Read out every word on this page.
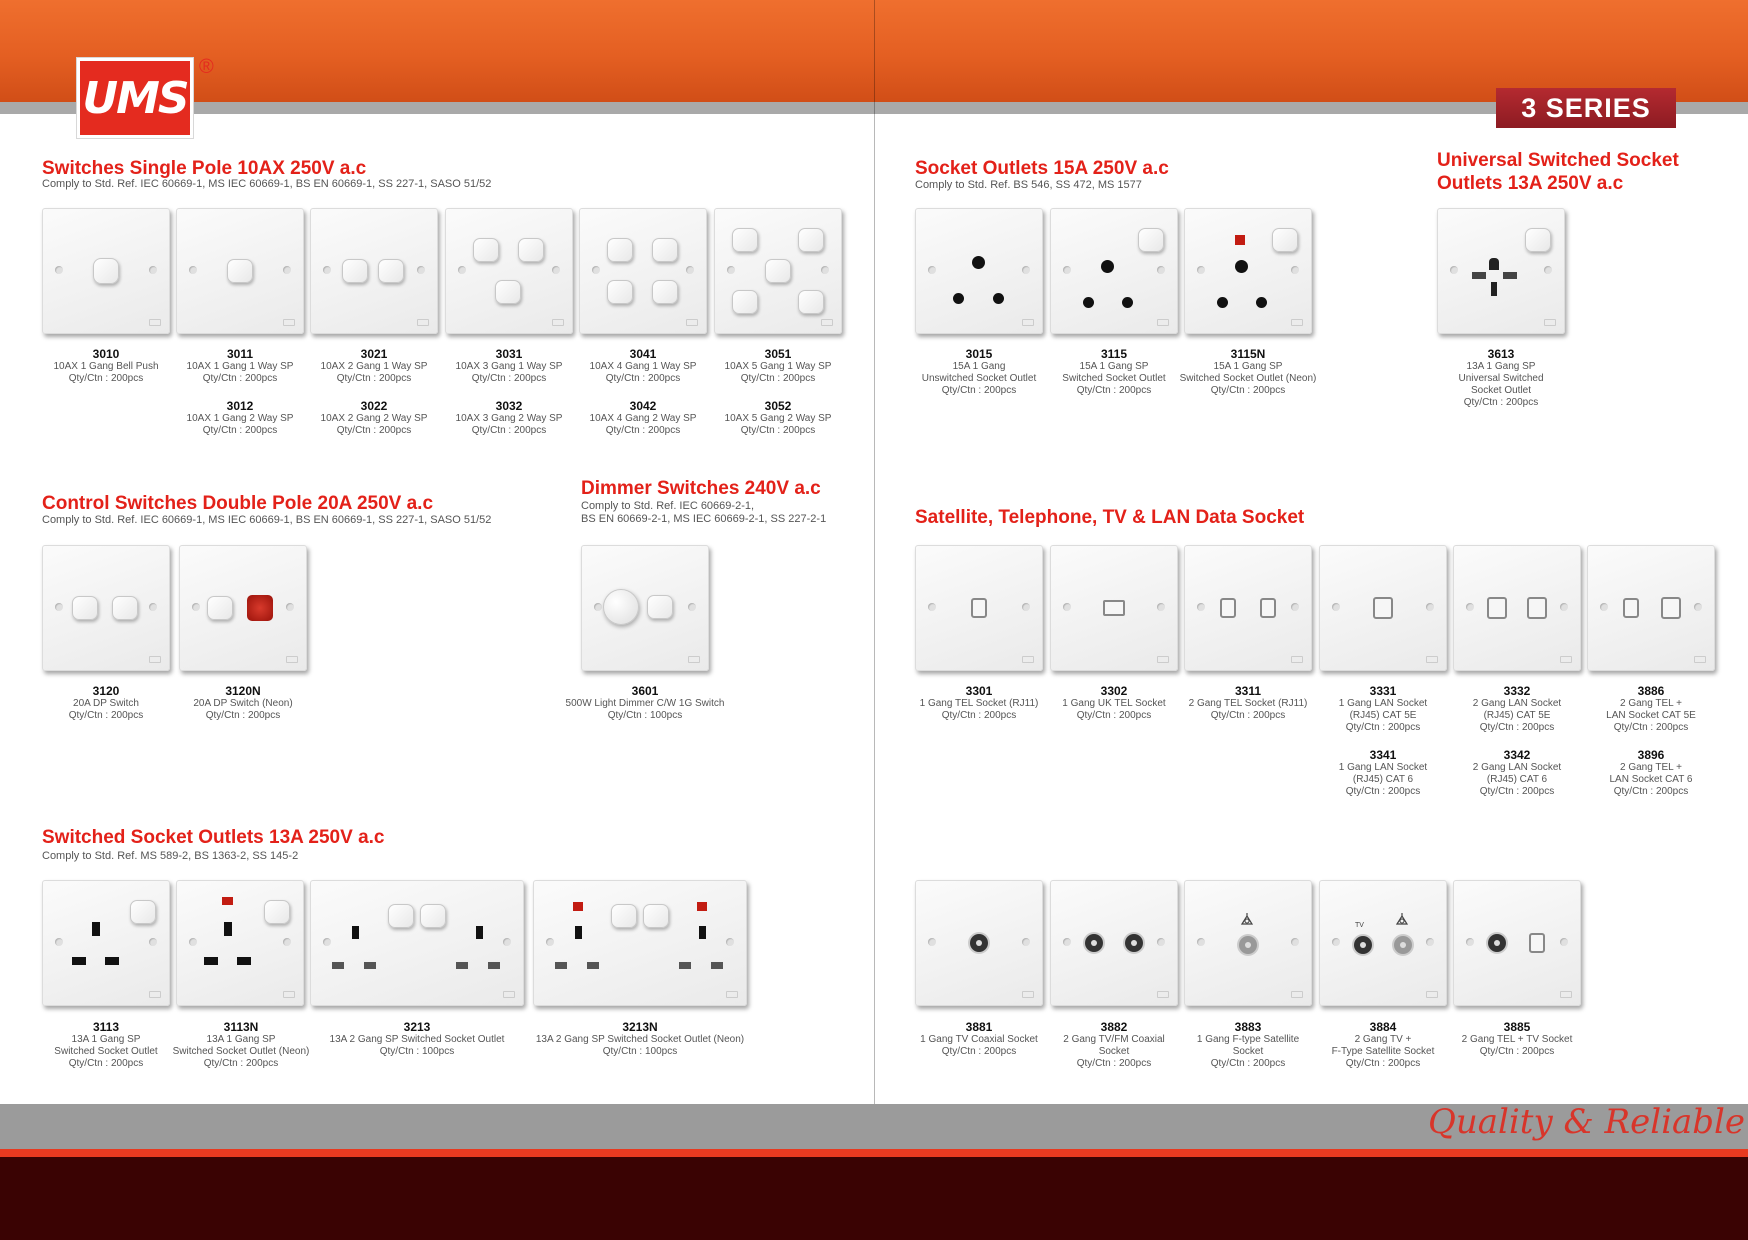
UMS
®
3 SERIES
Switches Single Pole 10AX 250V a.c
Comply to Std. Ref. IEC 60669-1, MS IEC 60669-1, BS EN 60669-1, SS 227-1, SASO 51/52
Control Switches Double Pole 20A 250V a.c
Comply to Std. Ref. IEC 60669-1, MS IEC 60669-1, BS EN 60669-1, SS 227-1, SASO 51/52
Dimmer Switches 240V a.c
Comply to Std. Ref. IEC 60669-2-1,
BS EN 60669-2-1, MS IEC 60669-2-1, SS 227-2-1
Switched Socket Outlets 13A 250V a.c
Comply to Std. Ref. MS 589-2, BS 1363-2, SS 145-2
Socket Outlets 15A 250V a.c
Comply to Std. Ref. BS 546, SS 472, MS 1577
Universal Switched Socket
Outlets 13A 250V a.c
Satellite, Telephone, TV & LAN Data Socket
3010
10AX 1 Gang Bell Push
Qty/Ctn : 200pcs
3011
10AX 1 Gang 1 Way SP
Qty/Ctn : 200pcs
3021
10AX 2 Gang 1 Way SP
Qty/Ctn : 200pcs
3031
10AX 3 Gang 1 Way SP
Qty/Ctn : 200pcs
3041
10AX 4 Gang 1 Way SP
Qty/Ctn : 200pcs
3051
10AX 5 Gang 1 Way SP
Qty/Ctn : 200pcs
3012
10AX 1 Gang 2 Way SP
Qty/Ctn : 200pcs
3022
10AX 2 Gang 2 Way SP
Qty/Ctn : 200pcs
3032
10AX 3 Gang 2 Way SP
Qty/Ctn : 200pcs
3042
10AX 4 Gang 2 Way SP
Qty/Ctn : 200pcs
3052
10AX 5 Gang 2 Way SP
Qty/Ctn : 200pcs
3120
20A DP Switch
Qty/Ctn : 200pcs
3120N
20A DP Switch (Neon)
Qty/Ctn : 200pcs
3601
500W Light Dimmer C/W 1G Switch
Qty/Ctn : 100pcs
3113
13A 1 Gang SP
Switched Socket Outlet
Qty/Ctn : 200pcs
3113N
13A 1 Gang SP
Switched Socket Outlet (Neon)
Qty/Ctn : 200pcs
3213
13A 2 Gang SP Switched Socket Outlet
Qty/Ctn : 100pcs
3213N
13A 2 Gang SP Switched Socket Outlet (Neon)
Qty/Ctn : 100pcs
3015
15A 1 Gang
Unswitched Socket Outlet
Qty/Ctn : 200pcs
3115
15A 1 Gang SP
Switched Socket Outlet
Qty/Ctn : 200pcs
3115N
15A 1 Gang SP
Switched Socket Outlet (Neon)
Qty/Ctn : 200pcs
3613
13A 1 Gang SP
Universal Switched
Socket Outlet
Qty/Ctn : 200pcs
3301
1 Gang TEL Socket (RJ11)
Qty/Ctn : 200pcs
3302
1 Gang UK TEL Socket
Qty/Ctn : 200pcs
3311
2 Gang TEL Socket (RJ11)
Qty/Ctn : 200pcs
3331
1 Gang LAN Socket
(RJ45) CAT 5E
Qty/Ctn : 200pcs
3332
2 Gang LAN Socket
(RJ45) CAT 5E
Qty/Ctn : 200pcs
3886
2 Gang TEL +
LAN Socket CAT 5E
Qty/Ctn : 200pcs
3341
1 Gang LAN Socket
(RJ45) CAT 6
Qty/Ctn : 200pcs
3342
2 Gang LAN Socket
(RJ45) CAT 6
Qty/Ctn : 200pcs
3896
2 Gang TEL +
LAN Socket CAT 6
Qty/Ctn : 200pcs
TV
3881
1 Gang TV Coaxial Socket
Qty/Ctn : 200pcs
3882
2 Gang TV/FM Coaxial
Socket
Qty/Ctn : 200pcs
3883
1 Gang F-type Satellite
Socket
Qty/Ctn : 200pcs
3884
2 Gang TV +
F-Type Satellite Socket
Qty/Ctn : 200pcs
3885
2 Gang TEL + TV Socket
Qty/Ctn : 200pcs
Quality & Reliable
